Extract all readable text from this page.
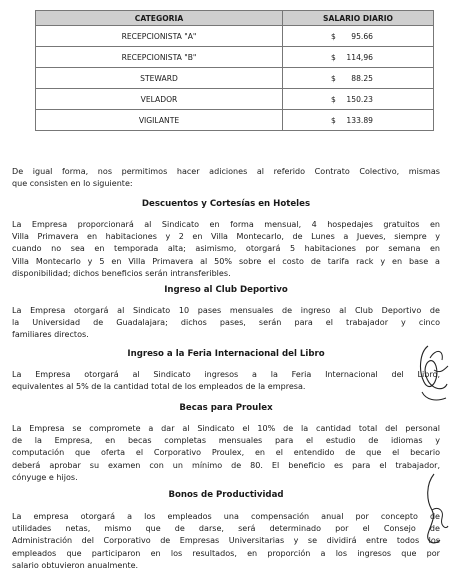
CATEGORIA	SALARIO DIARIO
RECEPCIONISTA "A"	$ 95.66
RECEPCIONISTA "B"	$ 114,96
STEWARD	$ 88.25
VELADOR	$ 150.23
VIGILANTE	$ 133.89
De igual forma, nos permitimos hacer adiciones al referido Contrato Colectivo, mismas
que consisten en lo siguiente:
Descuentos y Cortesías en Hoteles
La Empresa proporcionará al Sindicato en forma mensual, 4 hospedajes gratuitos en
Villa Primavera en habitaciones y 2 en Villa Montecarlo, de Lunes a Jueves, siempre y
cuando no sea en temporada alta; asimismo, otorgará 5 habitaciones por semana en
Villa Montecarlo y 5 en Villa Primavera al 50% sobre el costo de tarifa rack y en base a
disponibilidad; dichos beneficios serán intransferibles.
Ingreso al Club Deportivo
La Empresa otorgará al Sindicato 10 pases mensuales de ingreso al Club Deportivo de
la Universidad de Guadalajara; dichos pases, serán para el trabajador y cinco
familiares directos.
Ingreso a la Feria Internacional del Libro
La Empresa otorgará al Sindicato ingresos a la Feria Internacional del Libro,
equivalentes al 5% de la cantidad total de los empleados de la empresa.
Becas para Proulex
La Empresa se compromete a dar al Sindicato el 10% de la cantidad total del personal
de la Empresa, en becas completas mensuales para el estudio de idiomas y
computación que oferta el Corporativo Proulex, en el entendido de que el becario
deberá aprobar su examen con un mínimo de 80. El beneficio es para el trabajador,
cónyuge e hijos.
Bonos de Productividad
La empresa otorgará a los empleados una compensación anual por concepto de
utilidades netas, mismo que de darse, será determinado por el Consejo de
Administración del Corporativo de Empresas Universitarias y se dividirá entre todos los
empleados que participaron en los resultados, en proporción a los ingresos que por
salario obtuvieron anualmente.
